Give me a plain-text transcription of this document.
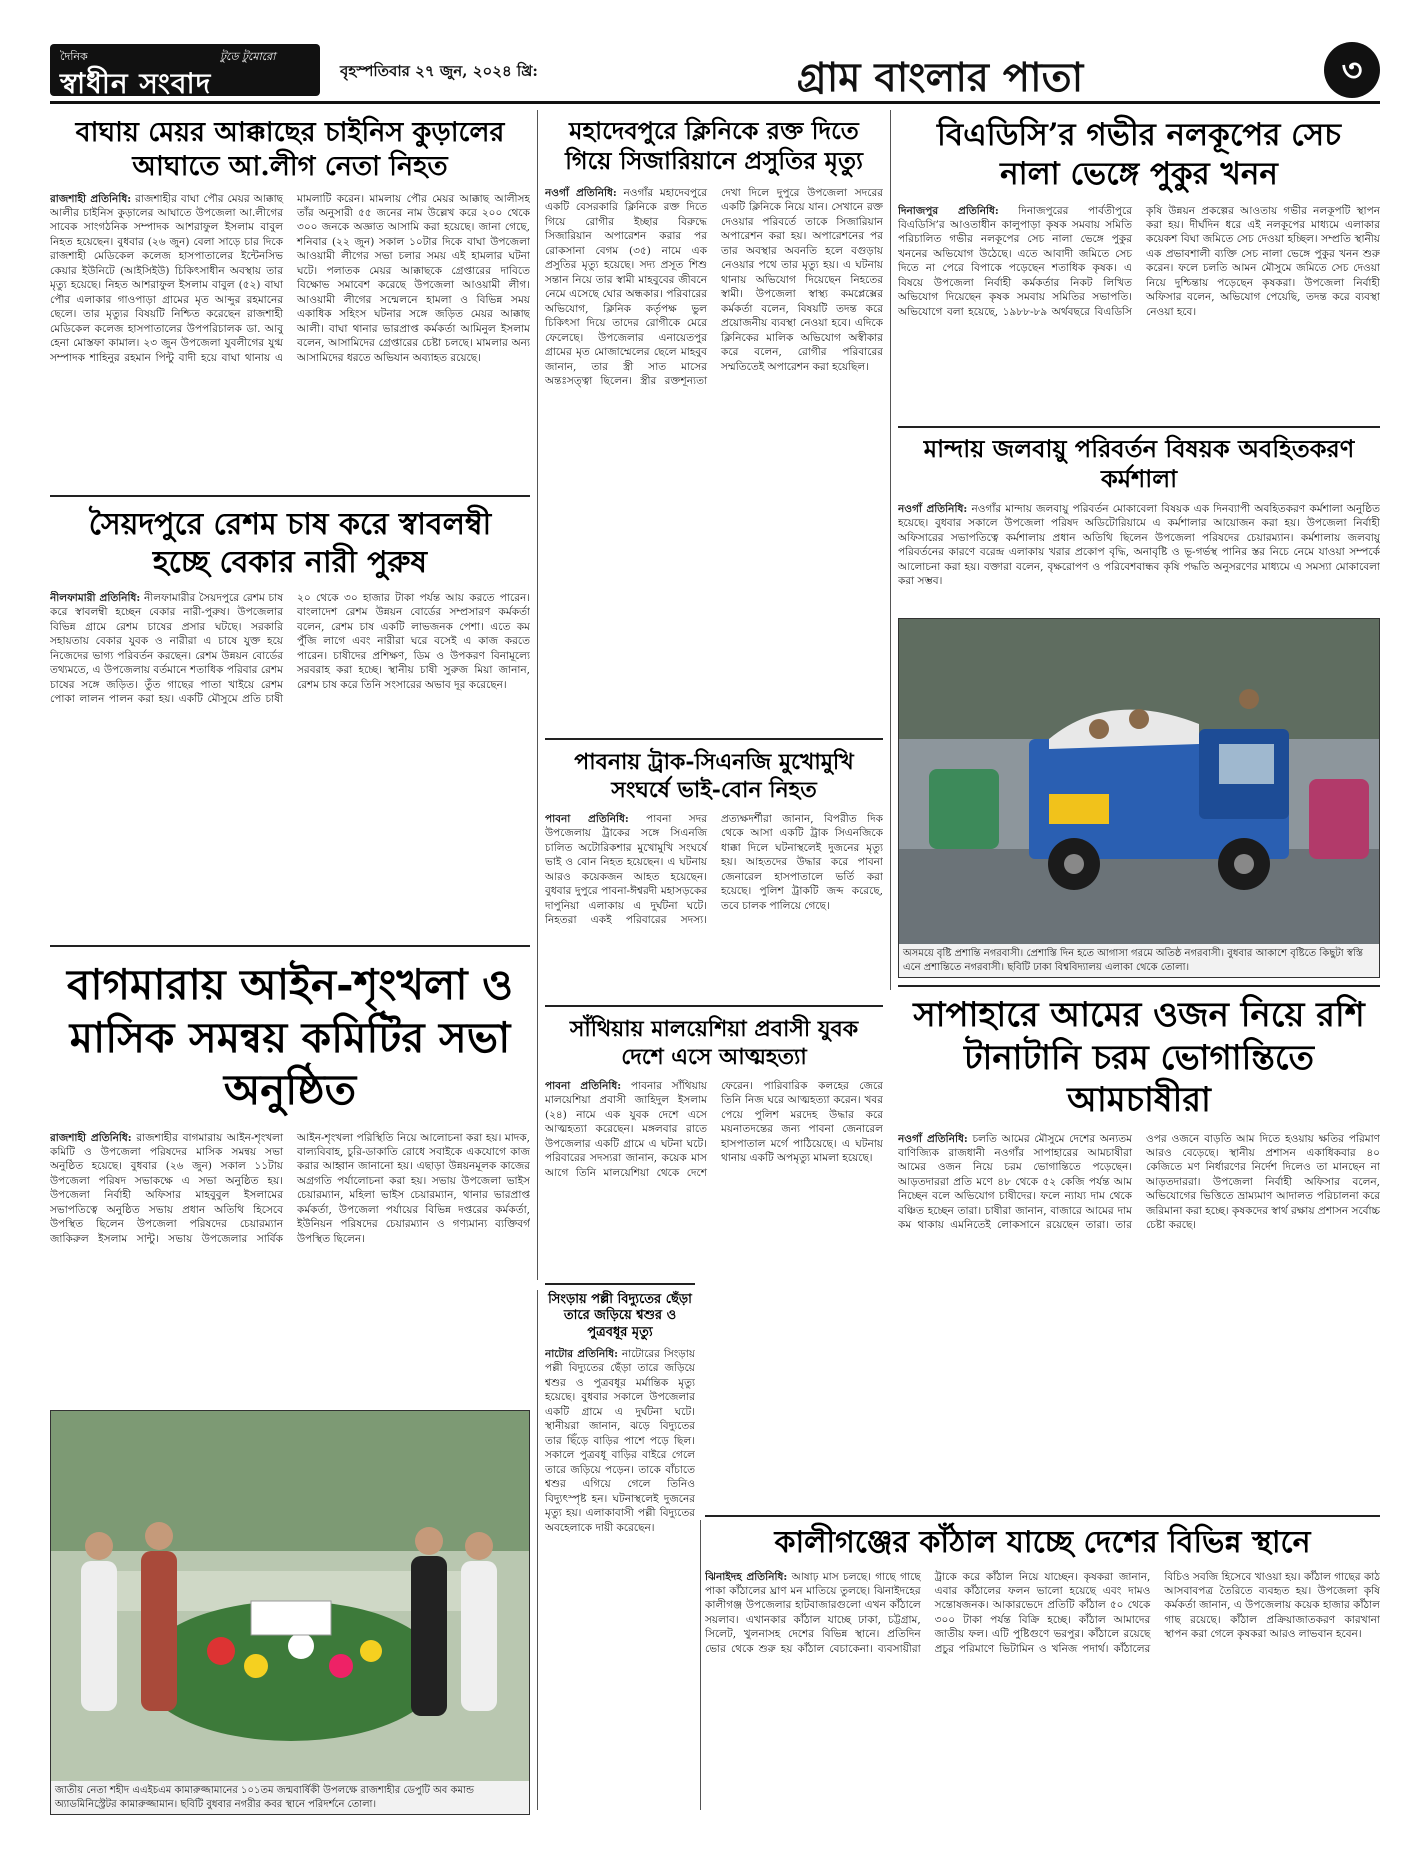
দৈনিক	টুডে টুমোরো
স্বাধীন সংবাদ	বৃহস্পতিবার ২৭ জুন, ২০২৪ খ্রি:	গ্রাম বাংলার পাতা	৩
বাঘায় মেয়র আক্কাছের চাইনিস কুড়ালের আঘাতে আ.লীগ নেতা নিহত
রাজশাহী প্রতিনিধি: রাজশাহীর বাঘা পৌর মেয়র আক্কাছ আলীর চাইনিস কুড়ালের আঘাতে উপজেলা আ.লীগের সাবেক সাংগঠনিক সম্পাদক আশরাফুল ইসলাম বাবুল নিহত হয়েছেন। বুধবার (২৬ জুন) বেলা সাড়ে চার দিকে রাজশাহী মেডিকেল কলেজ হাসপাতালের ইন্টেনসিভ কেয়ার ইউনিটে (আইসিইউ) চিকিৎসাধীন অবস্থায় তার মৃত্যু হয়েছে। নিহত আশরাফুল ইসলাম বাবুল (৫২) বাঘা পৌর এলাকার গাওপাড়া গ্রামের মৃত আব্দুর রহমানের ছেলে। তার মৃত্যুর বিষয়টি নিশ্চিত করেছেন রাজশাহী মেডিকেল কলেজ হাসপাতালের উপপরিচালক ডা. আবু হেনা মোস্তফা কামাল। ২৩ জুন উপজেলা যুবলীগের যুগ্ম সম্পাদক শাহিনুর রহমান পিন্টু বাদী হয়ে বাঘা থানায় এ মামলাটি করেন। মামলায় পৌর মেয়র আক্কাছ আলীসহ তাঁর অনুসারী ৫৫ জনের নাম উল্লেখ করে ২০০ থেকে ৩০০ জনকে অজ্ঞাত আসামি করা হয়েছে। জানা গেছে, শনিবার (২২ জুন) সকাল ১০টার দিকে বাঘা উপজেলা আওয়ামী লীগের সভা চলার সময় এই হামলার ঘটনা ঘটে। পলাতক মেয়র আক্কাছকে গ্রেপ্তারের দাবিতে বিক্ষোভ সমাবেশ করেছে উপজেলা আওয়ামী লীগ। আওয়ামী লীগের সন্মেলনে হামলা ও বিভিন্ন সময় একাধিক সহিংস ঘটনার সঙ্গে জড়িত মেয়র আক্কাছ আলী। বাঘা থানার ভারপ্রাপ্ত কর্মকর্তা আমিনুল ইসলাম বলেন, আসামিদের গ্রেপ্তারের চেষ্টা চলছে। মামলার অন্য আসামিদের ধরতে অভিযান অব্যাহত রয়েছে।
সৈয়দপুরে রেশম চাষ করে স্বাবলম্বী হচ্ছে বেকার নারী পুরুষ
নীলফামারী প্রতিনিধি: নীলফামারীর সৈয়দপুরে রেশম চাষ করে স্বাবলম্বী হচ্ছেন বেকার নারী-পুরুষ। উপজেলার বিভিন্ন গ্রামে রেশম চাষের প্রসার ঘটছে। সরকারি সহায়তায় বেকার যুবক ও নারীরা এ চাষে যুক্ত হয়ে নিজেদের ভাগ্য পরিবর্তন করছেন। রেশম উন্নয়ন বোর্ডের তথ্যমতে, এ উপজেলায় বর্তমানে শতাধিক পরিবার রেশম চাষের সঙ্গে জড়িত। তুঁত গাছের পাতা খাইয়ে রেশম পোকা লালন পালন করা হয়। একটি মৌসুমে প্রতি চাষী ২০ থেকে ৩০ হাজার টাকা পর্যন্ত আয় করতে পারেন। বাংলাদেশ রেশম উন্নয়ন বোর্ডের সম্প্রসারণ কর্মকর্তা বলেন, রেশম চাষ একটি লাভজনক পেশা। এতে কম পুঁজি লাগে এবং নারীরা ঘরে বসেই এ কাজ করতে পারেন। চাষীদের প্রশিক্ষণ, ডিম ও উপকরণ বিনামূল্যে সরবরাহ করা হচ্ছে। স্থানীয় চাষী সুরুজ মিয়া জানান, রেশম চাষ করে তিনি সংসারের অভাব দূর করেছেন।
বাগমারায় আইন-শৃংখলা ও মাসিক সমন্বয় কমিটির সভা অনুষ্ঠিত
রাজশাহী প্রতিনিধি: রাজশাহীর বাগমারায় আইন-শৃংখলা কমিটি ও উপজেলা পরিষদের মাসিক সমন্বয় সভা অনুষ্ঠিত হয়েছে। বুধবার (২৬ জুন) সকাল ১১টায় উপজেলা পরিষদ সভাকক্ষে এ সভা অনুষ্ঠিত হয়। উপজেলা নির্বাহী অফিসার মাহবুবুল ইসলামের সভাপতিত্বে অনুষ্ঠিত সভায় প্রধান অতিথি হিসেবে উপস্থিত ছিলেন উপজেলা পরিষদের চেয়ারম্যান জাকিরুল ইসলাম সান্টু। সভায় উপজেলার সার্বিক আইন-শৃংখলা পরিস্থিতি নিয়ে আলোচনা করা হয়। মাদক, বাল্যবিবাহ, চুরি-ডাকাতি রোধে সবাইকে একযোগে কাজ করার আহ্বান জানানো হয়। এছাড়া উন্নয়নমূলক কাজের অগ্রগতি পর্যালোচনা করা হয়। সভায় উপজেলা ভাইস চেয়ারম্যান, মহিলা ভাইস চেয়ারম্যান, থানার ভারপ্রাপ্ত কর্মকর্তা, উপজেলা পর্যায়ের বিভিন্ন দপ্তরের কর্মকর্তা, ইউনিয়ন পরিষদের চেয়ারম্যান ও গণ্যমান্য ব্যক্তিবর্গ উপস্থিত ছিলেন।
জাতীয় নেতা শহীদ এএইচএম কামারুজ্জামানের ১০১তম জন্মবার্ষিকী উপলক্ষে রাজশাহীর ডেপুটি অব কমান্ড অ্যাডমিনিস্ট্রেটর কামারুজ্জামান। ছবিটি বুধবার নগরীর কবর স্থানে পরিদর্শনে তোলা।
মহাদেবপুরে ক্লিনিকে রক্ত দিতে গিয়ে সিজারিয়ানে প্রসুতির মৃত্যু
নওগাঁ প্রতিনিধি: নওগাঁর মহাদেবপুরে একটি বেসরকারি ক্লিনিকে রক্ত দিতে গিয়ে রোগীর ইচ্ছার বিরুদ্ধে সিজারিয়ান অপারেশন করার পর রোকসানা বেগম (৩৫) নামে এক প্রসুতির মৃত্যু হয়েছে। সদ্য প্রসূত শিশু সন্তান নিয়ে তার স্বামী মাহবুবের জীবনে নেমে এসেছে ঘোর অন্ধকার। পরিবারের অভিযোগ, ক্লিনিক কর্তৃপক্ষ ভুল চিকিৎসা দিয়ে তাদের রোগীকে মেরে ফেলেছে। উপজেলার এনায়েতপুর গ্রামের মৃত মোজাম্মেলের ছেলে মাহবুব জানান, তার স্ত্রী সাত মাসের অন্তঃসত্ত্বা ছিলেন। স্ত্রীর রক্তশূন্যতা দেখা দিলে দুপুরে উপজেলা সদরের একটি ক্লিনিকে নিয়ে যান। সেখানে রক্ত দেওয়ার পরিবর্তে তাকে সিজারিয়ান অপারেশন করা হয়। অপারেশনের পর তার অবস্থার অবনতি হলে বগুড়ায় নেওয়ার পথে তার মৃত্যু হয়। এ ঘটনায় থানায় অভিযোগ দিয়েছেন নিহতের স্বামী। উপজেলা স্বাস্থ্য কমপ্লেক্সের কর্মকর্তা বলেন, বিষয়টি তদন্ত করে প্রয়োজনীয় ব্যবস্থা নেওয়া হবে। এদিকে ক্লিনিকের মালিক অভিযোগ অস্বীকার করে বলেন, রোগীর পরিবারের সম্মতিতেই অপারেশন করা হয়েছিল।
পাবনায় ট্রাক-সিএনজি মুখোমুখি সংঘর্ষে ভাই-বোন নিহত
পাবনা প্রতিনিধি: পাবনা সদর উপজেলায় ট্রাকের সঙ্গে সিএনজি চালিত অটোরিকশার মুখোমুখি সংঘর্ষে ভাই ও বোন নিহত হয়েছেন। এ ঘটনায় আরও কয়েকজন আহত হয়েছেন। বুধবার দুপুরে পাবনা-ঈশ্বরদী মহাসড়কের দাপুনিয়া এলাকায় এ দুর্ঘটনা ঘটে। নিহতরা একই পরিবারের সদস্য। প্রত্যক্ষদর্শীরা জানান, বিপরীত দিক থেকে আসা একটি ট্রাক সিএনজিকে ধাক্কা দিলে ঘটনাস্থলেই দুজনের মৃত্যু হয়। আহতদের উদ্ধার করে পাবনা জেনারেল হাসপাতালে ভর্তি করা হয়েছে। পুলিশ ট্রাকটি জব্দ করেছে, তবে চালক পালিয়ে গেছে।
সাঁথিয়ায় মালয়েশিয়া প্রবাসী যুবক দেশে এসে আত্মহত্যা
পাবনা প্রতিনিধি: পাবনার সাঁথিয়ায় মালয়েশিয়া প্রবাসী জাহিদুল ইসলাম (২৪) নামে এক যুবক দেশে এসে আত্মহত্যা করেছেন। মঙ্গলবার রাতে উপজেলার একটি গ্রামে এ ঘটনা ঘটে। পরিবারের সদস্যরা জানান, কয়েক মাস আগে তিনি মালয়েশিয়া থেকে দেশে ফেরেন। পারিবারিক কলহের জেরে তিনি নিজ ঘরে আত্মহত্যা করেন। খবর পেয়ে পুলিশ মরদেহ উদ্ধার করে ময়নাতদন্তের জন্য পাবনা জেনারেল হাসপাতাল মর্গে পাঠিয়েছে। এ ঘটনায় থানায় একটি অপমৃত্যু মামলা হয়েছে।
সিংড়ায় পল্লী বিদ্যুতের ছেঁড়া তারে জড়িয়ে শ্বশুর ও পুত্রবধূর মৃত্যু
নাটোর প্রতিনিধি: নাটোরের সিংড়ায় পল্লী বিদ্যুতের ছেঁড়া তারে জড়িয়ে শ্বশুর ও পুত্রবধূর মর্মান্তিক মৃত্যু হয়েছে। বুধবার সকালে উপজেলার একটি গ্রামে এ দুর্ঘটনা ঘটে। স্থানীয়রা জানান, ঝড়ে বিদ্যুতের তার ছিঁড়ে বাড়ির পাশে পড়ে ছিল। সকালে পুত্রবধূ বাড়ির বাইরে গেলে তারে জড়িয়ে পড়েন। তাকে বাঁচাতে শ্বশুর এগিয়ে গেলে তিনিও বিদ্যুৎস্পৃষ্ট হন। ঘটনাস্থলেই দুজনের মৃত্যু হয়। এলাকাবাসী পল্লী বিদ্যুতের অবহেলাকে দায়ী করেছেন।
বিএডিসি’র গভীর নলকূপের সেচ নালা ভেঙ্গে পুকুর খনন
দিনাজপুর প্রতিনিধি: দিনাজপুরের পার্বতীপুরে বিএডিসি’র আওতাধীন কালুপাড়া কৃষক সমবায় সমিতি পরিচালিত গভীর নলকূপের সেচ নালা ভেঙ্গে পুকুর খননের অভিযোগ উঠেছে। এতে আবাদী জমিতে সেচ দিতে না পেরে বিপাকে পড়েছেন শতাধিক কৃষক। এ বিষয়ে উপজেলা নির্বাহী কর্মকর্তার নিকট লিখিত অভিযোগ দিয়েছেন কৃষক সমবায় সমিতির সভাপতি। অভিযোগে বলা হয়েছে, ১৯৮৮-৮৯ অর্থবছরে বিএডিসি কৃষি উন্নয়ন প্রকল্পের আওতায় গভীর নলকূপটি স্থাপন করা হয়। দীর্ঘদিন ধরে এই নলকূপের মাধ্যমে এলাকার কয়েকশ বিঘা জমিতে সেচ দেওয়া হচ্ছিল। সম্প্রতি স্থানীয় এক প্রভাবশালী ব্যক্তি সেচ নালা ভেঙ্গে পুকুর খনন শুরু করেন। ফলে চলতি আমন মৌসুমে জমিতে সেচ দেওয়া নিয়ে দুশ্চিন্তায় পড়েছেন কৃষকরা। উপজেলা নির্বাহী অফিসার বলেন, অভিযোগ পেয়েছি, তদন্ত করে ব্যবস্থা নেওয়া হবে।
মান্দায় জলবায়ু পরিবর্তন বিষয়ক অবহিতকরণ কর্মশালা
নওগাঁ প্রতিনিধি: নওগাঁর মান্দায় জলবায়ু পরিবর্তন মোকাবেলা বিষয়ক এক দিনব্যাপী অবহিতকরণ কর্মশালা অনুষ্ঠিত হয়েছে। বুধবার সকালে উপজেলা পরিষদ অডিটোরিয়ামে এ কর্মশালার আয়োজন করা হয়। উপজেলা নির্বাহী অফিসারের সভাপতিত্বে কর্মশালায় প্রধান অতিথি ছিলেন উপজেলা পরিষদের চেয়ারম্যান। কর্মশালায় জলবায়ু পরিবর্তনের কারণে বরেন্দ্র এলাকায় খরার প্রকোপ বৃদ্ধি, অনাবৃষ্টি ও ভূ-গর্ভস্থ পানির স্তর নিচে নেমে যাওয়া সম্পর্কে আলোচনা করা হয়। বক্তারা বলেন, বৃক্ষরোপণ ও পরিবেশবান্ধব কৃষি পদ্ধতি অনুসরণের মাধ্যমে এ সমস্যা মোকাবেলা করা সম্ভব।
অসময়ে বৃষ্টি প্রশান্তি নগরবাসী। প্রেশাস্তি দিন হতে আগাসা গরমে অতিষ্ঠ নগরবাসী। বুধবার আকাশে বৃষ্টিতে কিছুটা স্বস্তি এনে প্রশান্তিতে নগরবাসী। ছবিটি ঢাকা বিশ্ববিদ্যালয় এলাকা থেকে তোলা।
সাপাহারে আমের ওজন নিয়ে রশি টানাটানি চরম ভোগান্তিতে আমচাষীরা
নওগাঁ প্রতিনিধি: চলতি আমের মৌসুমে দেশের অন্যতম বাণিজ্যিক রাজধানী নওগাঁর সাপাহারের আমচাষীরা আমের ওজন নিয়ে চরম ভোগান্তিতে পড়েছেন। আড়তদাররা প্রতি মণে ৪৮ থেকে ৫২ কেজি পর্যন্ত আম নিচ্ছেন বলে অভিযোগ চাষীদের। ফলে ন্যায্য দাম থেকে বঞ্চিত হচ্ছেন তারা। চাষীরা জানান, বাজারে আমের দাম কম থাকায় এমনিতেই লোকসানে রয়েছেন তারা। তার ওপর ওজনে বাড়তি আম দিতে হওয়ায় ক্ষতির পরিমাণ আরও বেড়েছে। স্থানীয় প্রশাসন একাধিকবার ৪০ কেজিতে মণ নির্ধারণের নির্দেশ দিলেও তা মানছেন না আড়তদাররা। উপজেলা নির্বাহী অফিসার বলেন, অভিযোগের ভিত্তিতে ভ্রাম্যমাণ আদালত পরিচালনা করে জরিমানা করা হচ্ছে। কৃষকদের স্বার্থ রক্ষায় প্রশাসন সর্বোচ্চ চেষ্টা করছে।
কালীগঞ্জের কাঁঠাল যাচ্ছে দেশের বিভিন্ন স্থানে
ঝিনাইদহ প্রতিনিধি: আষাঢ় মাস চলছে। গাছে গাছে পাকা কাঁঠালের ঘ্রাণ মন মাতিয়ে তুলছে। ঝিনাইদহের কালীগঞ্জ উপজেলার হাটবাজারগুলো এখন কাঁঠালে সয়লাব। এখানকার কাঁঠাল যাচ্ছে ঢাকা, চট্টগ্রাম, সিলেট, খুলনাসহ দেশের বিভিন্ন স্থানে। প্রতিদিন ভোর থেকে শুরু হয় কাঁঠাল বেচাকেনা। ব্যবসায়ীরা ট্রাকে করে কাঁঠাল নিয়ে যাচ্ছেন। কৃষকরা জানান, এবার কাঁঠালের ফলন ভালো হয়েছে এবং দামও সন্তোষজনক। আকারভেদে প্রতিটি কাঁঠাল ৫০ থেকে ৩০০ টাকা পর্যন্ত বিক্রি হচ্ছে। কাঁঠাল আমাদের জাতীয় ফল। এটি পুষ্টিগুণে ভরপুর। কাঁঠালে রয়েছে প্রচুর পরিমাণে ভিটামিন ও খনিজ পদার্থ। কাঁঠালের বিচিও সবজি হিসেবে খাওয়া হয়। কাঁঠাল গাছের কাঠ আসবাবপত্র তৈরিতে ব্যবহৃত হয়। উপজেলা কৃষি কর্মকর্তা জানান, এ উপজেলায় কয়েক হাজার কাঁঠাল গাছ রয়েছে। কাঁঠাল প্রক্রিয়াজাতকরণ কারখানা স্থাপন করা গেলে কৃষকরা আরও লাভবান হবেন।
